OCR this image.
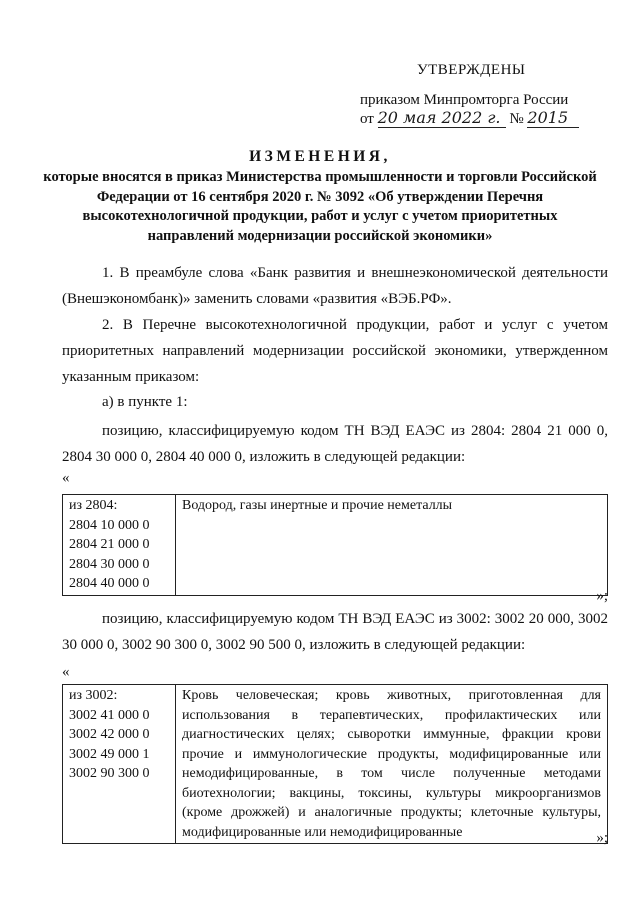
УТВЕРЖДЕНЫ
приказом Минпромторга России
от 20 мая 2022 г. № 2015
ИЗМЕНЕНИЯ,
которые вносятся в приказ Министерства промышленности и торговли Российской Федерации от 16 сентября 2020 г. № 3092 «Об утверждении Перечня высокотехнологичной продукции, работ и услуг с учетом приоритетных направлений модернизации российской экономики»
1. В преамбуле слова «Банк развития и внешнеэкономической деятельности (Внешэкономбанк)» заменить словами «развития «ВЭБ.РФ».
2. В Перечне высокотехнологичной продукции, работ и услуг с учетом приоритетных направлений модернизации российской экономики, утвержденном указанным приказом:
а) в пункте 1:
позицию, классифицируемую кодом ТН ВЭД ЕАЭС из 2804: 2804 21 000 0, 2804 30 000 0, 2804 40 000 0, изложить в следующей редакции:
«
из 2804:
2804 10 000 0
2804 21 000 0
2804 30 000 0
2804 40 000 0
	Водород, газы инертные и прочие неметаллы
»;
позицию, классифицируемую кодом ТН ВЭД ЕАЭС из 3002: 3002 20 000, 3002 30 000 0, 3002 90 300 0, 3002 90 500 0, изложить в следующей редакции:
«
из 3002:
3002 41 000 0
3002 42 000 0
3002 49 000 1
3002 90 300 0
	Кровь человеческая; кровь животных, приготовленная для использования в терапевтических, профилактических или диагностических целях; сыворотки иммунные, фракции крови прочие и иммунологические продукты, модифицированные или немодифицированные, в том числе полученные методами биотехнологии; вакцины, токсины, культуры микроорганизмов (кроме дрожжей) и аналогичные продукты; клеточные культуры, модифицированные или немодифицированные	»;
